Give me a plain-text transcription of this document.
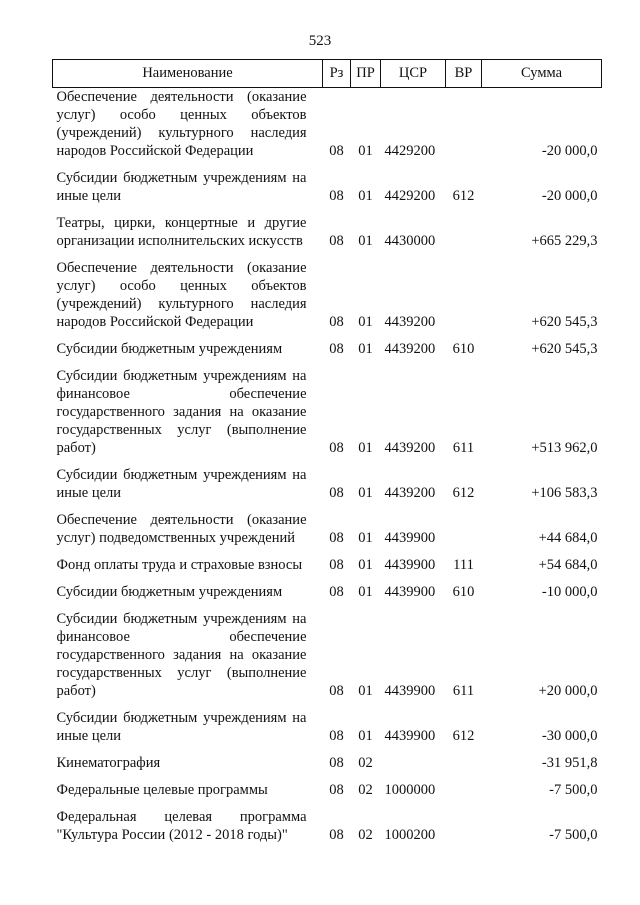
523
Наименование	Рз	ПР	ЦСР	ВР	Сумма
Обеспечение деятельности (оказание услуг) особо ценных объектов (учреждений) культурного наследия народов Российской Федерации	08	01	4429200		-20 000,0
Субсидии бюджетным учреждениям на иные цели	08	01	4429200	612	-20 000,0
Театры, цирки, концертные и другие организации исполнительских искусств	08	01	4430000		+665 229,3
Обеспечение деятельности (оказание услуг) особо ценных объектов (учреждений) культурного наследия народов Российской Федерации	08	01	4439200		+620 545,3
Субсидии бюджетным учреждениям	08	01	4439200	610	+620 545,3
Субсидии бюджетным учреждениям на финансовое обеспечение государственного задания на оказание государственных услуг (выполнение работ)	08	01	4439200	611	+513 962,0
Субсидии бюджетным учреждениям на иные цели	08	01	4439200	612	+106 583,3
Обеспечение деятельности (оказание услуг) подведомственных учреждений	08	01	4439900		+44 684,0
Фонд оплаты труда и страховые взносы	08	01	4439900	111	+54 684,0
Субсидии бюджетным учреждениям	08	01	4439900	610	-10 000,0
Субсидии бюджетным учреждениям на финансовое обеспечение государственного задания на оказание государственных услуг (выполнение работ)	08	01	4439900	611	+20 000,0
Субсидии бюджетным учреждениям на иные цели	08	01	4439900	612	-30 000,0
Кинематография	08	02			-31 951,8
Федеральные целевые программы	08	02	1000000		-7 500,0
Федеральная целевая программа "Культура России (2012 - 2018 годы)"	08	02	1000200		-7 500,0
